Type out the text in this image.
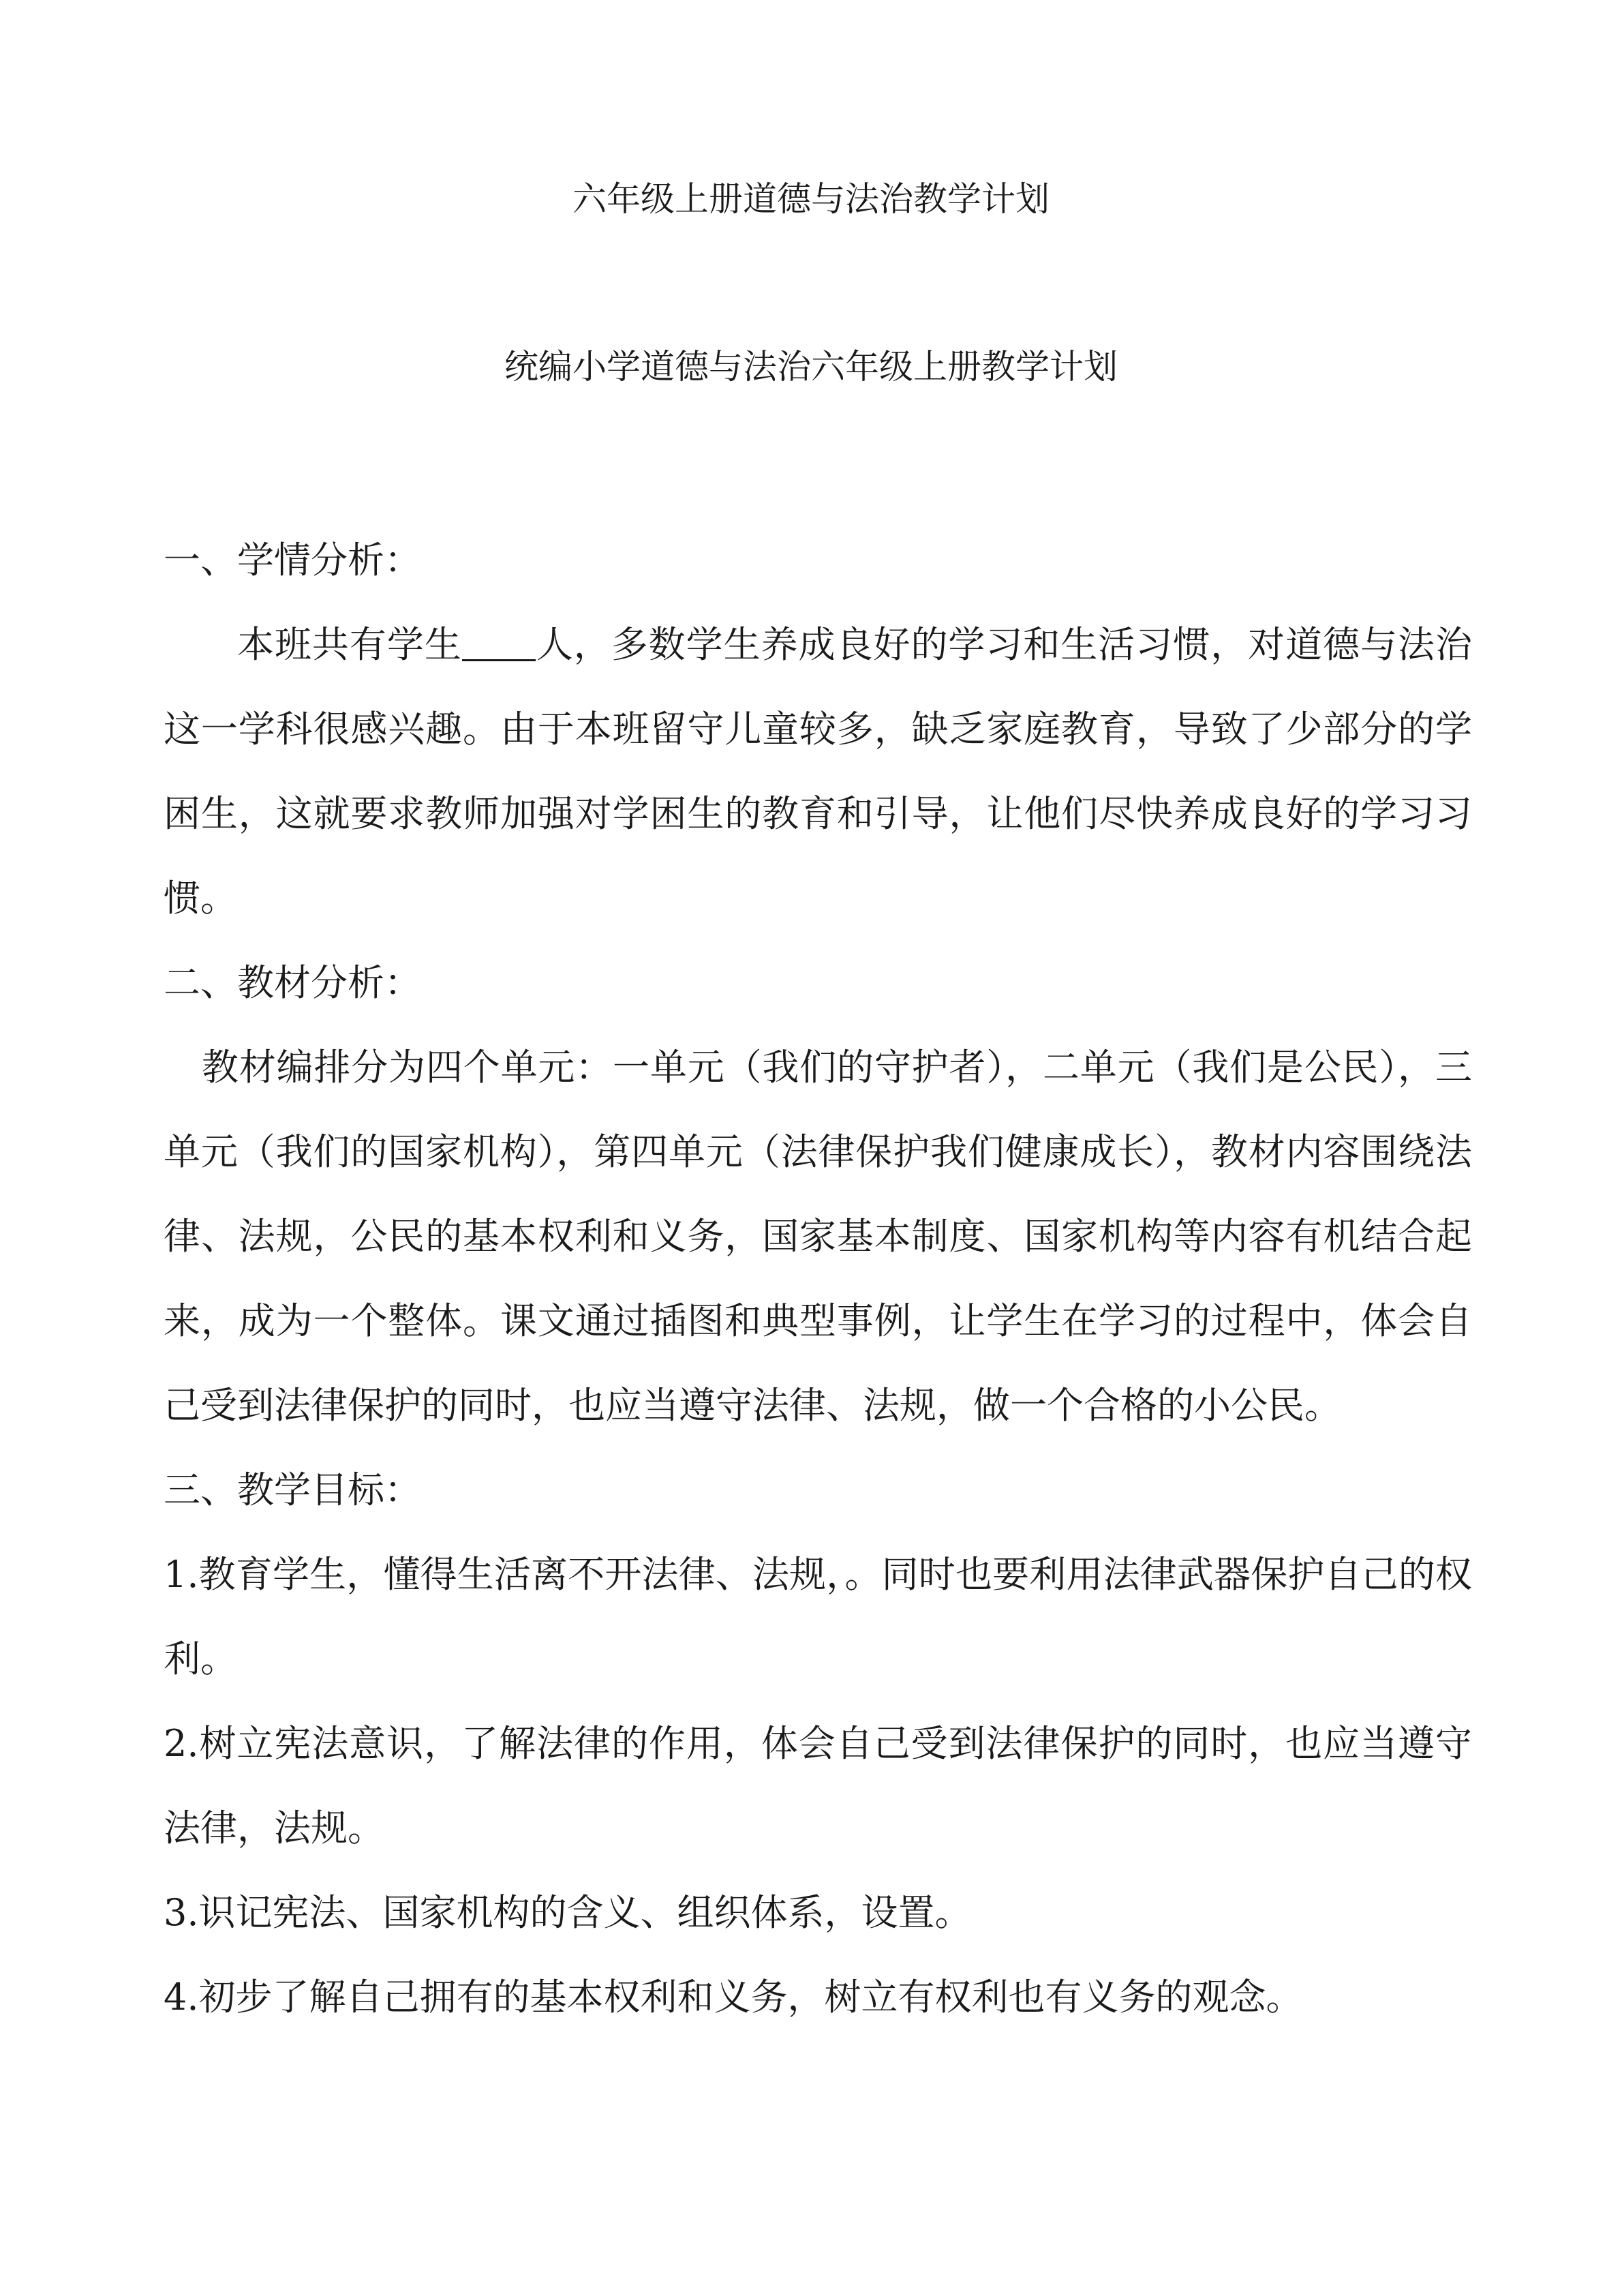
六年级上册道德与法治教学计划
统编小学道德与法治六年级上册教学计划

一、学情分析：

本班共有学生 人，多数学生养成良好的学习和生活习惯，对道德与法治这一学科很感兴趣。由于本班留守儿童较多，缺乏家庭教育，导致了少部分的学困生，这就要求教师加强对学困生的教育和引导，让他们尽快养成良好的学习习惯。

二、教材分析：

教材编排分为四个单元：一单元（我们的守护者），二单元（我们是公民），三单元（我们的国家机构），第四单元（法律保护我们健康成长），教材内容围绕法律、法规，公民的基本权利和义务，国家基本制度、国家机构等内容有机结合起来，成为一个整体。课文通过插图和典型事例，让学生在学习的过程中，体会自己受到法律保护的同时，也应当遵守法律、法规，做一个合格的小公民。

三、教学目标：

1.教育学生，懂得生活离不开法律、法规，。同时也要利用法律武器保护自己的权利。

2.树立宪法意识，了解法律的作用，体会自己受到法律保护的同时，也应当遵守法律，法规。

3.识记宪法、国家机构的含义、组织体系，设置。

4.初步了解自己拥有的基本权利和义务，树立有权利也有义务的观念。
